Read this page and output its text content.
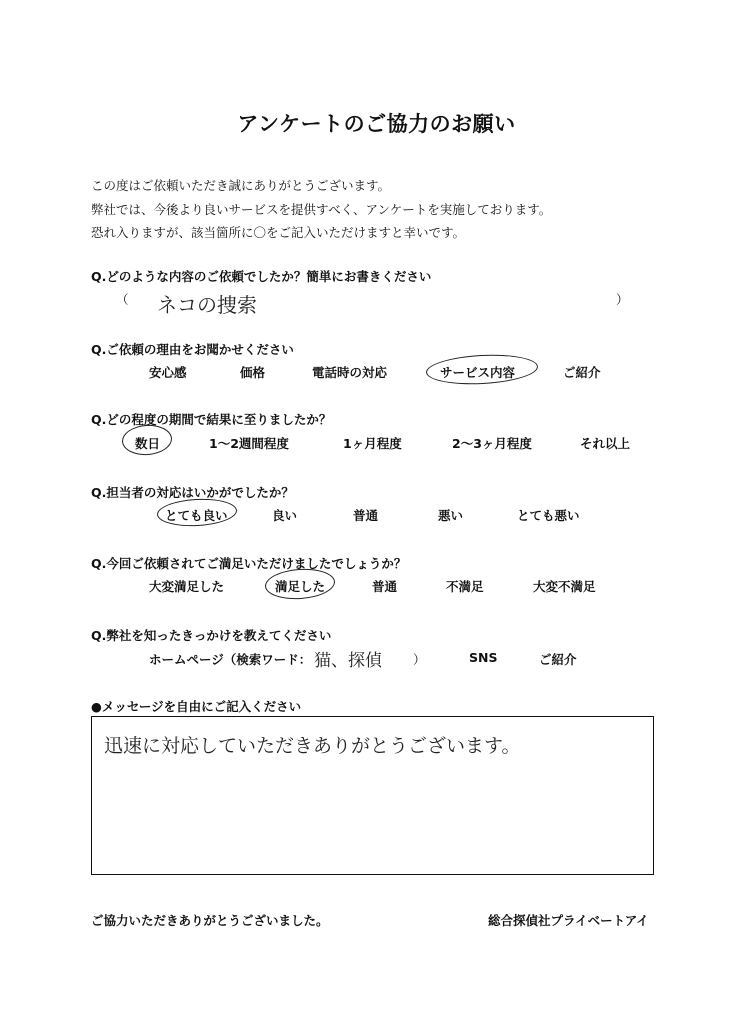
アンケートのご協力のお願い
この度はご依頼いただき誠にありがとうございます。
弊社では、今後より良いサービスを提供すべく、アンケートを実施しております。
恐れ入りますが、該当箇所に〇をご記入いただけますと幸いです。
Q.どのような内容のご依頼でしたか？簡単にお書きください
（ ネコの捜索	）
Q.ご依頼の理由をお聞かせください
安心感	価格	電話時の対応	サービス内容	ご紹介
Q.どの程度の期間で結果に至りましたか？
数日	1～2週間程度	1ヶ月程度	2～3ヶ月程度	それ以上
Q.担当者の対応はいかがでしたか？
とても良い	良い	普通	悪い	とても悪い
Q.今回ご依頼されてご満足いただけましたでしょうか？
大変満足した	満足した	普通	不満足	大変不満足
Q.弊社を知ったきっかけを教えてください
ホームページ（検索ワード： 猫、探偵 ）	SNS	ご紹介
●メッセージを自由にご記入ください
迅速に対応していただきありがとうございます。
ご協力いただきありがとうございました。	総合探偵社プライベートアイ
